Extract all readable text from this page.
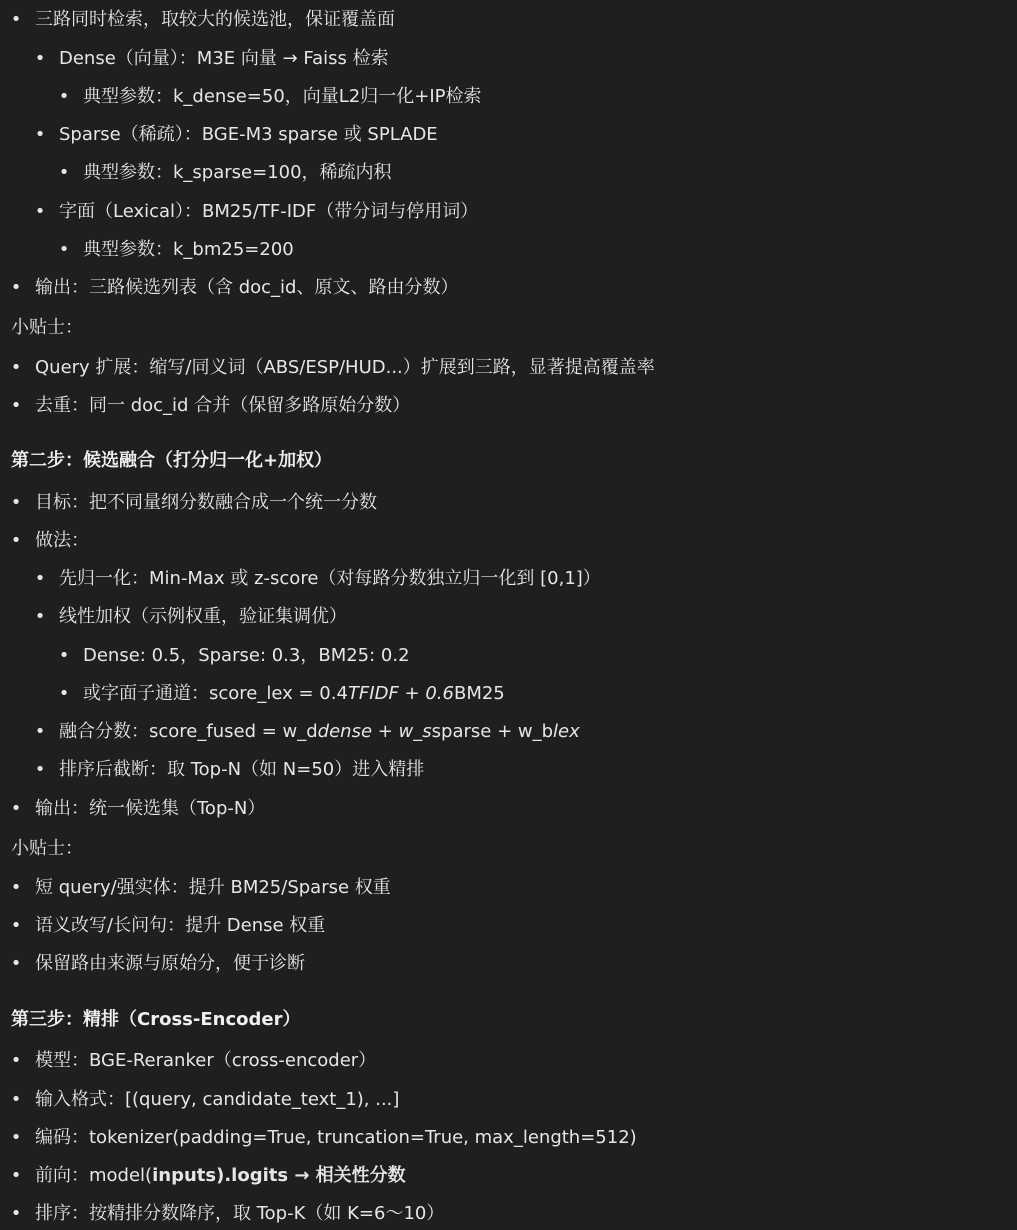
• 三路同时检索，取较大的候选池，保证覆盖面
• Dense（向量）：M3E 向量 → Faiss 检索
• 典型参数：k_dense=50，向量L2归一化+IP检索
• Sparse（稀疏）：BGE-M3 sparse 或 SPLADE
• 典型参数：k_sparse=100，稀疏内积
• 字面（Lexical）：BM25/TF-IDF（带分词与停用词）
• 典型参数：k_bm25=200
• 输出：三路候选列表（含 doc_id、原文、路由分数）
小贴士：
• Query 扩展：缩写/同义词（ABS/ESP/HUD...）扩展到三路，显著提高覆盖率
• 去重：同一 doc_id 合并（保留多路原始分数）
第二步：候选融合（打分归一化+加权）
• 目标：把不同量纲分数融合成一个统一分数
• 做法：
• 先归一化：Min-Max 或 z-score（对每路分数独立归一化到 [0,1]）
• 线性加权（示例权重，验证集调优）
• Dense: 0.5，Sparse: 0.3，BM25: 0.2
• 或字面子通道：score_lex = 0.4TFIDF + 0.6BM25
• 融合分数：score_fused = w_ddense + w_ssparse + w_blex
• 排序后截断：取 Top-N（如 N=50）进入精排
• 输出：统一候选集（Top-N）
小贴士：
• 短 query/强实体：提升 BM25/Sparse 权重
• 语义改写/长问句：提升 Dense 权重
• 保留路由来源与原始分，便于诊断
第三步：精排（Cross-Encoder）
• 模型：BGE-Reranker（cross-encoder）
• 输入格式：[(query, candidate_text_1), ...]
• 编码：tokenizer(padding=True, truncation=True, max_length=512)
• 前向：model(inputs).logits → 相关性分数
• 排序：按精排分数降序，取 Top-K（如 K=6～10）
